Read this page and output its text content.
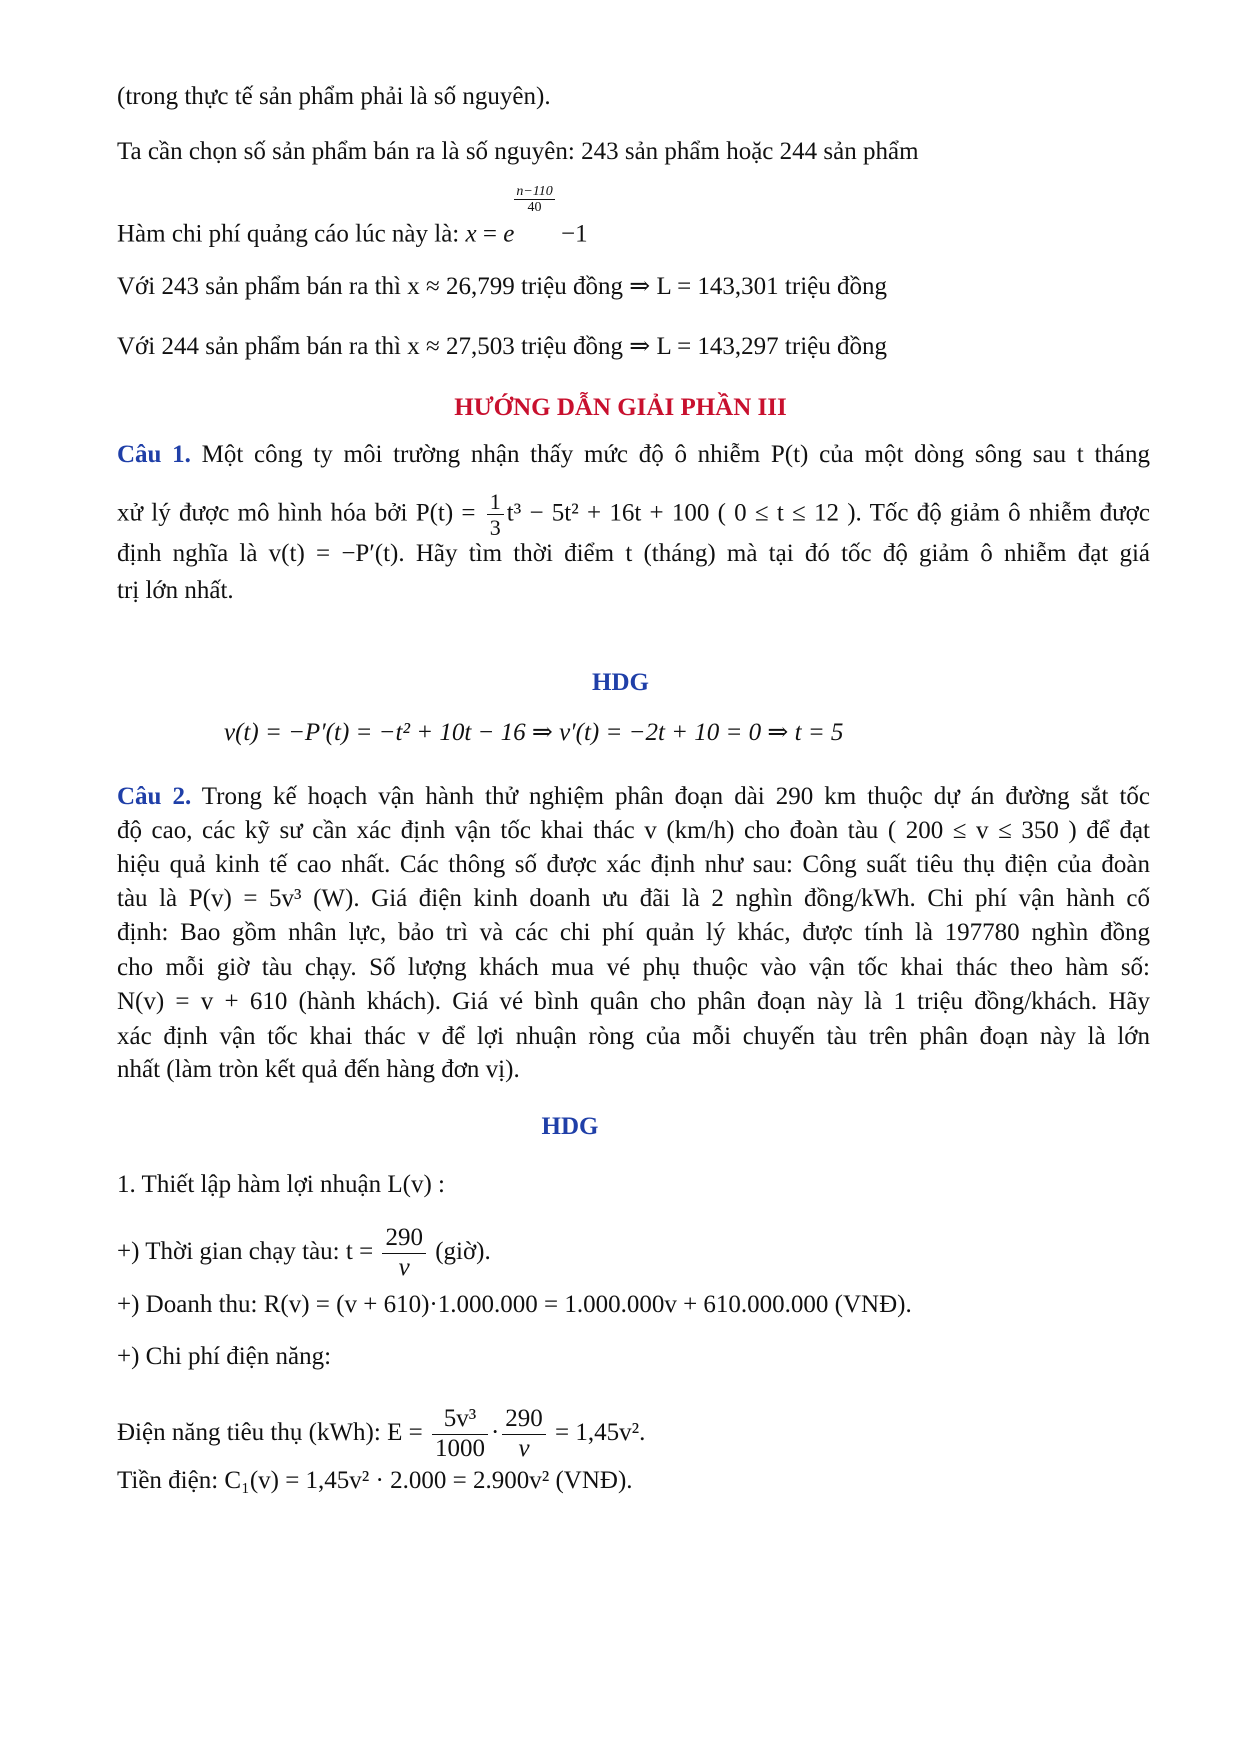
(trong thực tế sản phẩm phải là số nguyên).
Ta cần chọn số sản phẩm bán ra là số nguyên: 243 sản phẩm hoặc 244 sản phẩm
Hàm chi phí quảng cáo lúc này là: x = e
$\frac{n-110}{40}$
−1
Với 243 sản phẩm bán ra thì x ≈ 26,799 triệu đồng ⇒ L = 143,301 triệu đồng
Với 244 sản phẩm bán ra thì x ≈ 27,503 triệu đồng ⇒ L = 143,297 triệu đồng
HƯỚNG DẪN GIẢI PHẦN III
Câu 1. Một công ty môi trường nhận thấy mức độ ô nhiễm P(t) của một dòng sông sau t tháng
xử lý được mô hình hóa bởi $P(t) = \frac{1}{3} t^3 - 5t^2 + 16t + 100$ ( 0 ≤ t ≤ 12 ). Tốc độ giảm ô nhiễm được
định nghĩa là v(t) = −P′(t). Hãy tìm thời điểm t (tháng) mà tại đó tốc độ giảm ô nhiễm đạt giá
trị lớn nhất.
HDG
v(t) = −P′(t) = −t² + 10t − 16 ⇒ v′(t) = −2t + 10 = 0 ⇒ t = 5
Câu 2. Trong kế hoạch vận hành thử nghiệm phân đoạn dài 290 km thuộc dự án đường sắt tốc
độ cao, các kỹ sư cần xác định vận tốc khai thác v (km/h) cho đoàn tàu ( 200 ≤ v ≤ 350 ) để đạt
hiệu quả kinh tế cao nhất. Các thông số được xác định như sau: Công suất tiêu thụ điện của đoàn
tàu là P(v) = 5v³ (W). Giá điện kinh doanh ưu đãi là 2 nghìn đồng/kWh. Chi phí vận hành cố
định: Bao gồm nhân lực, bảo trì và các chi phí quản lý khác, được tính là 197780 nghìn đồng
cho mỗi giờ tàu chạy. Số lượng khách mua vé phụ thuộc vào vận tốc khai thác theo hàm số:
N(v) = v + 610 (hành khách). Giá vé bình quân cho phân đoạn này là 1 triệu đồng/khách. Hãy
xác định vận tốc khai thác v để lợi nhuận ròng của mỗi chuyến tàu trên phân đoạn này là lớn
nhất (làm tròn kết quả đến hàng đơn vị).
HDG
1. Thiết lập hàm lợi nhuận L(v) :
+) Thời gian chạy tàu: $t = \frac{290}{v}$ (giờ).
+) Doanh thu: R(v) = (v + 610)·1.000.000 = 1.000.000v + 610.000.000 (VNĐ).
+) Chi phí điện năng:
Điện năng tiêu thụ (kWh): $E = \frac{\text{5v³}}{1000} \cdot \frac{290}{v} = 1,45v^2$.
Tiền điện: C₁(v) = 1,45v² · 2.000 = 2.900v² (VNĐ).
